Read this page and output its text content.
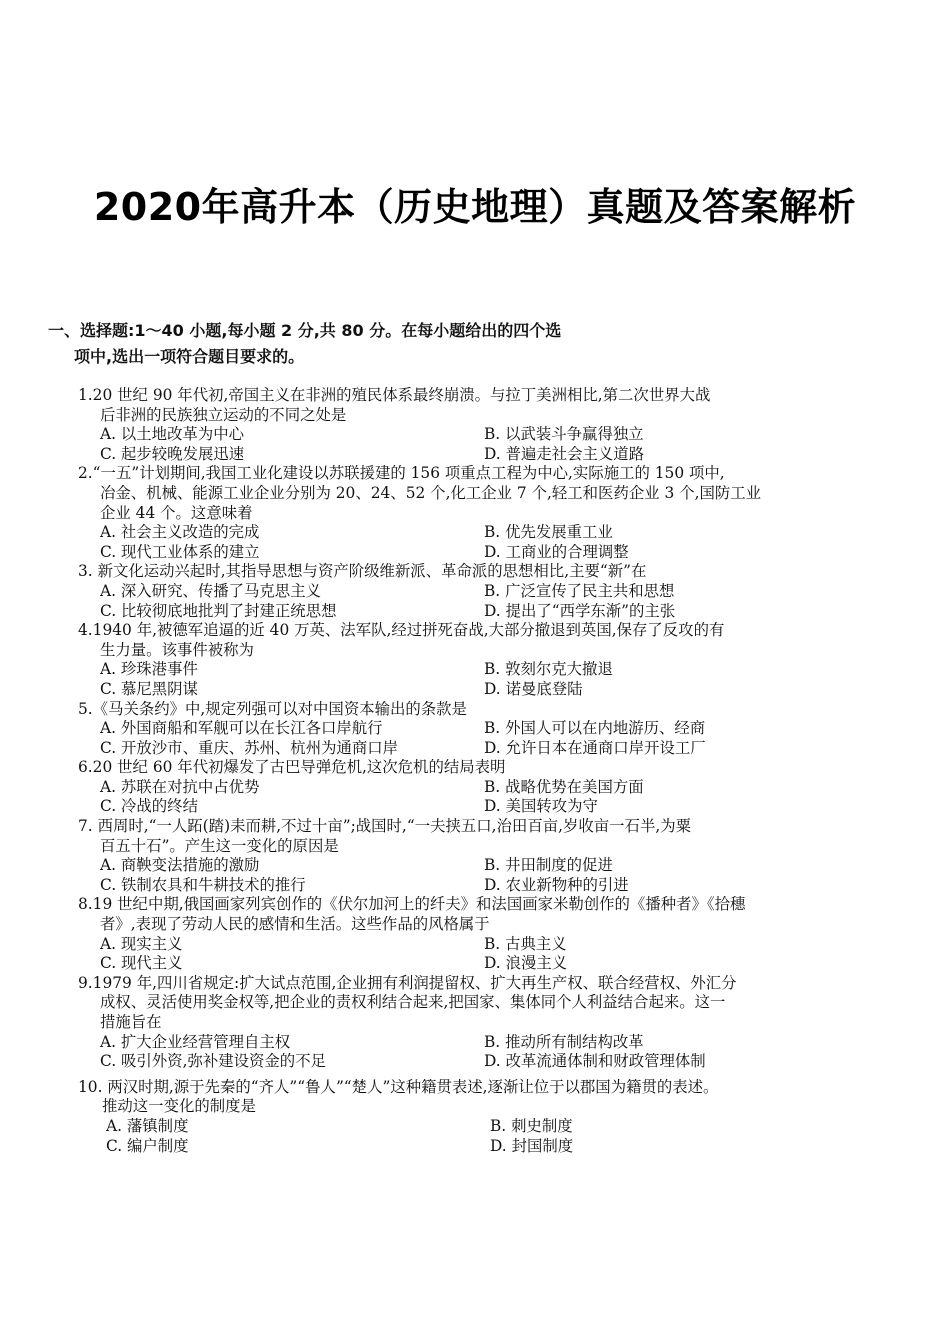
2020年高升本（历史地理）真题及答案解析
一、选择题:1～40 小题,每小题 2 分,共 80 分。在每小题给出的四个选
项中,选出一项符合题目要求的。
1.20 世纪 90 年代初,帝国主义在非洲的殖民体系最终崩溃。与拉丁美洲相比,第二次世界大战
后非洲的民族独立运动的不同之处是
A. 以土地改革为中心	B. 以武装斗争赢得独立
C. 起步较晚发展迅速	D. 普遍走社会主义道路
2.“一五”计划期间,我国工业化建设以苏联援建的 156 项重点工程为中心,实际施工的 150 项中,
冶金、机械、能源工业企业分别为 20、24、52 个,化工企业 7 个,轻工和医药企业 3 个,国防工业
企业 44 个。这意味着
A. 社会主义改造的完成	B. 优先发展重工业
C. 现代工业体系的建立	D. 工商业的合理调整
3. 新文化运动兴起时,其指导思想与资产阶级维新派、革命派的思想相比,主要“新”在
A. 深入研究、传播了马克思主义	B. 广泛宣传了民主共和思想
C. 比较彻底地批判了封建正统思想	D. 提出了“西学东渐”的主张
4.1940 年,被德军追逼的近 40 万英、法军队,经过拼死奋战,大部分撤退到英国,保存了反攻的有
生力量。该事件被称为
A. 珍珠港事件	B. 敦刻尔克大撤退
C. 慕尼黑阴谋	D. 诺曼底登陆
5.《马关条约》中,规定列强可以对中国资本输出的条款是
A. 外国商船和军舰可以在长江各口岸航行	B. 外国人可以在内地游历、经商
C. 开放沙市、重庆、苏州、杭州为通商口岸	D. 允许日本在通商口岸开设工厂
6.20 世纪 60 年代初爆发了古巴导弹危机,这次危机的结局表明
A. 苏联在对抗中占优势	B. 战略优势在美国方面
C. 冷战的终结	D. 美国转攻为守
7. 西周时,“一人跖(踏)耒而耕,不过十亩”;战国时,“一夫挟五口,治田百亩,岁收亩一石半,为粟
百五十石”。产生这一变化的原因是
A. 商鞅变法措施的激励	B. 井田制度的促进
C. 铁制农具和牛耕技术的推行	D. 农业新物种的引进
8.19 世纪中期,俄国画家列宾创作的《伏尔加河上的纤夫》和法国画家米勒创作的《播种者》《拾穗
者》,表现了劳动人民的感情和生活。这些作品的风格属于
A. 现实主义	B. 古典主义
C. 现代主义	D. 浪漫主义
9.1979 年,四川省规定:扩大试点范围,企业拥有利润提留权、扩大再生产权、联合经营权、外汇分
成权、灵活使用奖金权等,把企业的责权利结合起来,把国家、集体同个人利益结合起来。这一
措施旨在
A. 扩大企业经营管理自主权	B. 推动所有制结构改革
C. 吸引外资,弥补建设资金的不足	D. 改革流通体制和财政管理体制
10. 两汉时期,源于先秦的“齐人”“鲁人”“楚人”这种籍贯表述,逐渐让位于以郡国为籍贯的表述。
推动这一变化的制度是
A. 藩镇制度	B. 刺史制度
C. 编户制度	D. 封国制度
